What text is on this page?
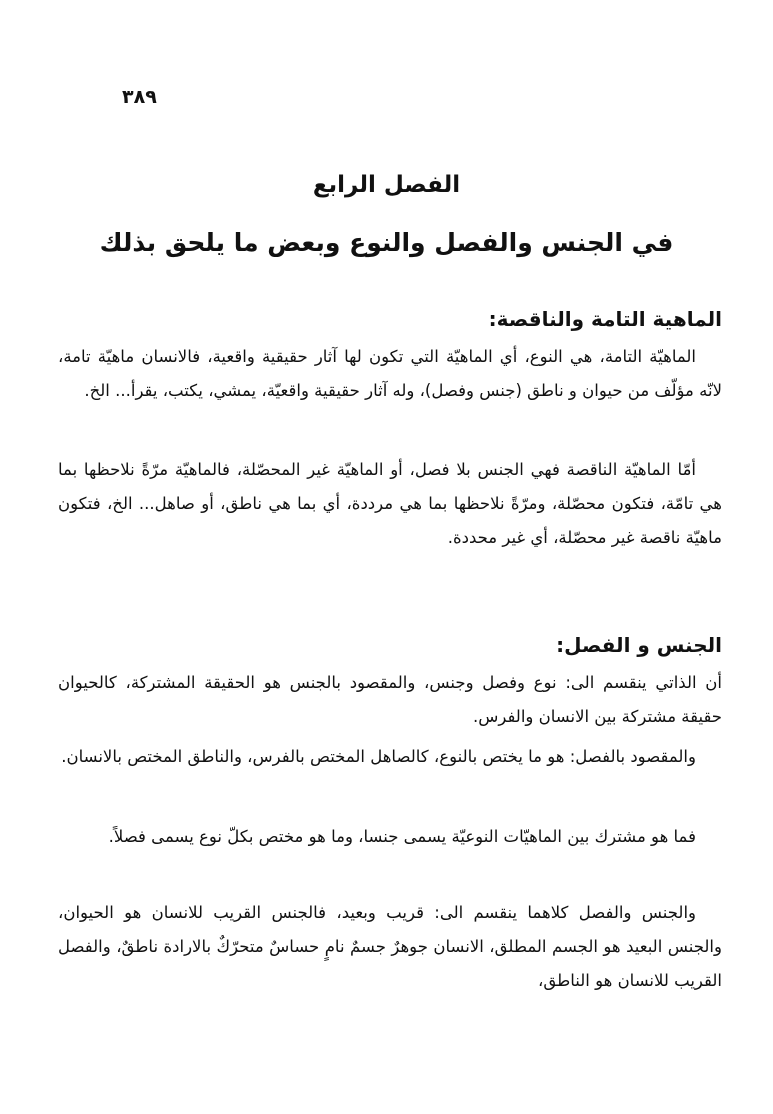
٣٨٩
الفصل الرابع
في الجنس والفصل والنوع وبعض ما يلحق بذلك
الماهية التامة والناقصة:

الماهيّة التامة، هي النوع، أي الماهيّة التي تكون لها آثار حقيقية واقعية، فالانسان ماهيّة تامة، لانّه مؤلّف من حيوان و ناطق (جنس وفصل)، وله آثار حقيقية واقعيّة، يمشي، يكتب، يقرأ... الخ.

أمّا الماهيّة الناقصة فهي الجنس بلا فصل، أو الماهيّة غير المحصّلة، فالماهيّة مرّةً نلاحظها بما هي تامّة، فتكون محصّلة، ومرّةً نلاحظها بما هي مرددة، أي بما هي ناطق، أو صاهل... الخ، فتكون ماهيّة ناقصة غير محصّلة، أي غير محددة.

الجنس و الفصل:

أن الذاتي ينقسم الى: نوع وفصل وجنس، والمقصود بالجنس هو الحقيقة المشتركة، كالحيوان حقيقة مشتركة بين الانسان والفرس.

والمقصود بالفصل: هو ما يختص بالنوع، كالصاهل المختص بالفرس، والناطق المختص بالانسان.

فما هو مشترك بين الماهيّات النوعيّة يسمى جنسا، وما هو مختص بكلّ نوع يسمى فصلاً.

والجنس والفصل كلاهما ينقسم الى: قريب وبعيد، فالجنس القريب للانسان هو الحيوان، والجنس البعيد هو الجسم المطلق، الانسان جوهرٌ جسمٌ نامٍ حساسٌ متحرّكٌ بالارادة ناطقٌ، والفصل القريب للانسان هو الناطق،
